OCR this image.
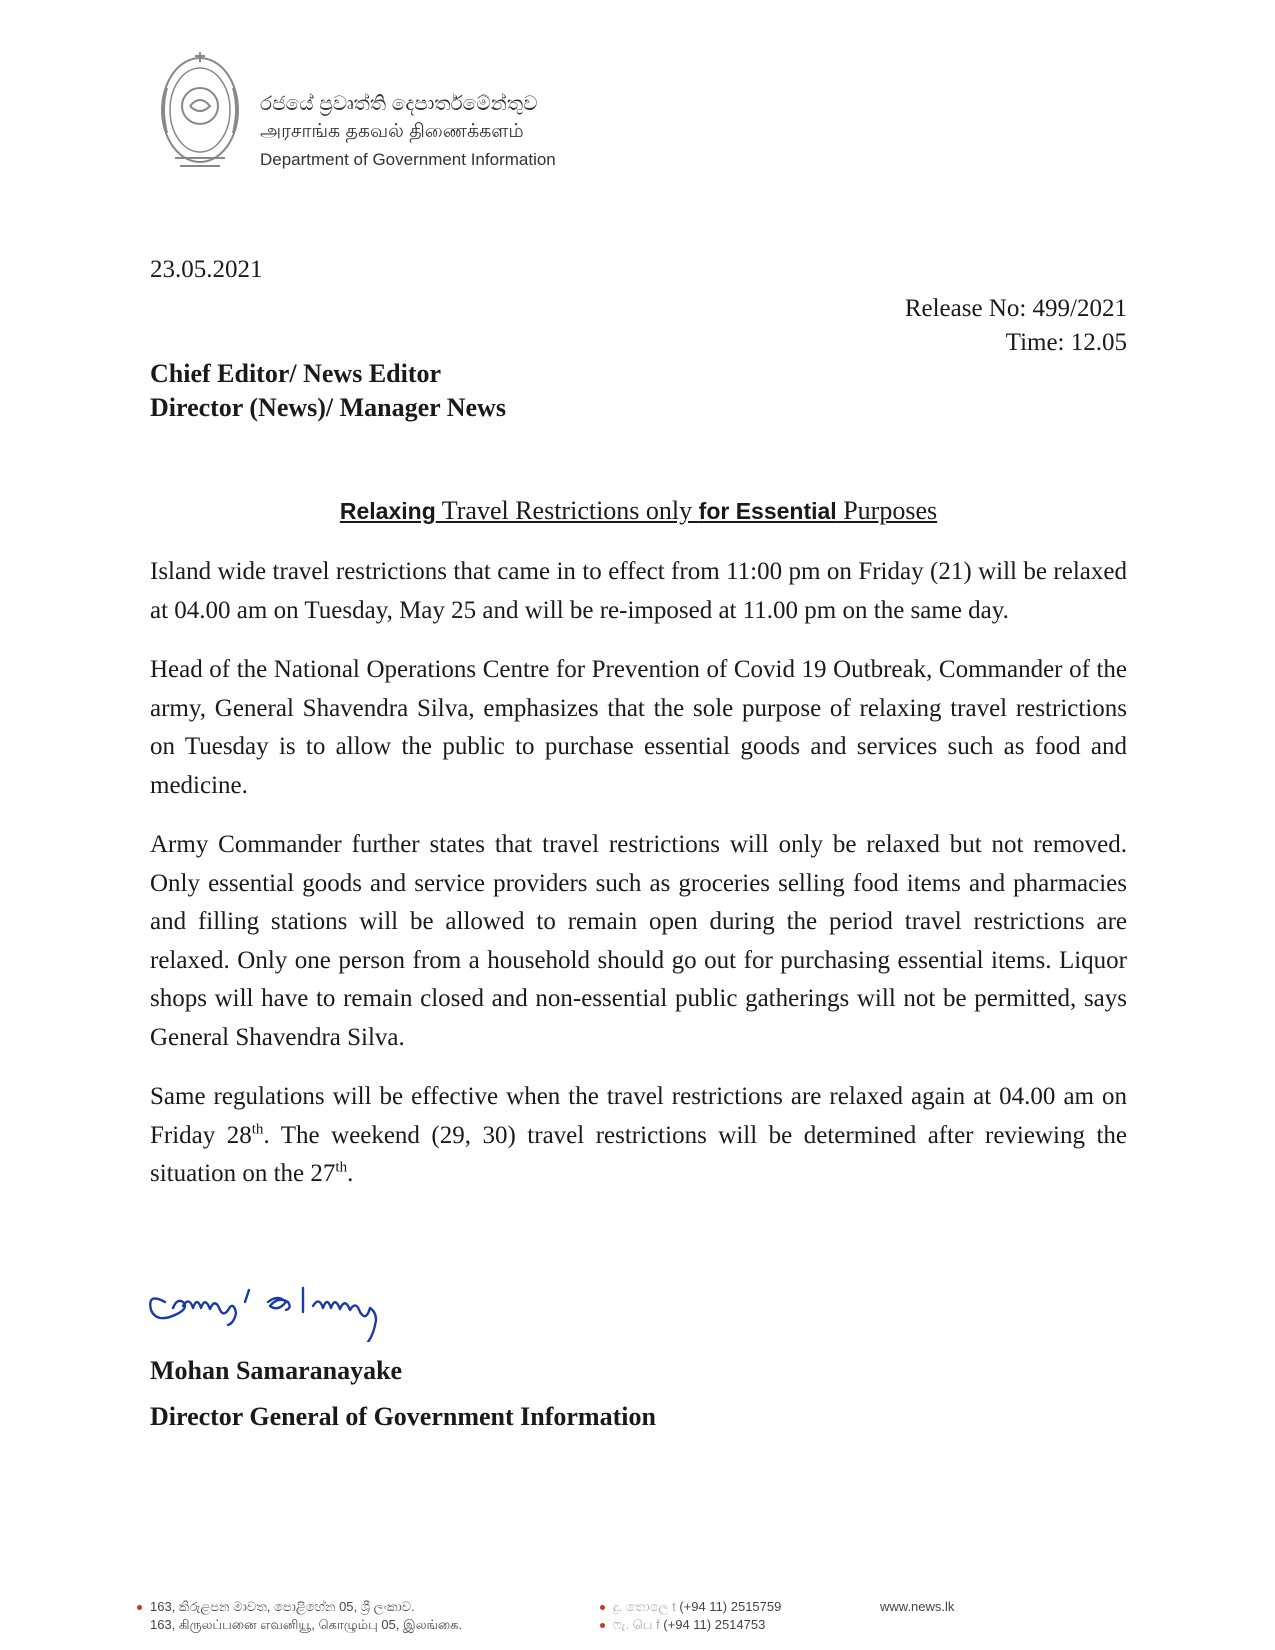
රජයේ ප්‍රවෘත්ති දෙපාර්තමේන්තුව
அரசாங்க தகவல் திணைக்களம்
Department of Government Information
23.05.2021
Release No: 499/2021
Time: 12.05
Chief Editor/ News Editor
Director (News)/ Manager News
Relaxing Travel Restrictions only for Essential Purposes

Island wide travel restrictions that came in to effect from 11:00 pm on Friday (21) will be relaxed at 04.00 am on Tuesday, May 25 and will be re-imposed at 11.00 pm on the same day.

Head of the National Operations Centre for Prevention of Covid 19 Outbreak, Commander of the army, General Shavendra Silva, emphasizes that the sole purpose of relaxing travel restrictions on Tuesday is to allow the public to purchase essential goods and services such as food and medicine.

Army Commander further states that travel restrictions will only be relaxed but not removed. Only essential goods and service providers such as groceries selling food items and pharmacies and filling stations will be allowed to remain open during the period travel restrictions are relaxed. Only one person from a household should go out for purchasing essential items. Liquor shops will have to remain closed and non-essential public gatherings will not be permitted, says General Shavendra Silva.

Same regulations will be effective when the travel restrictions are relaxed again at 04.00 am on Friday 28th. The weekend (29, 30) travel restrictions will be determined after reviewing the situation on the 27th.

Mohan Samaranayake
Director General of Government Information
163, කිරුළපන මාවත, පොළිහේන 05, ශ්‍රී ලංකාව.
163, கிருலப்பனை எவனியூ, கொழும்பு 05, இலங்கை.
දු. තොලෙ t (+94 11) 2515759
ෆැ. பெ f (+94 11) 2514753
www.news.lk
